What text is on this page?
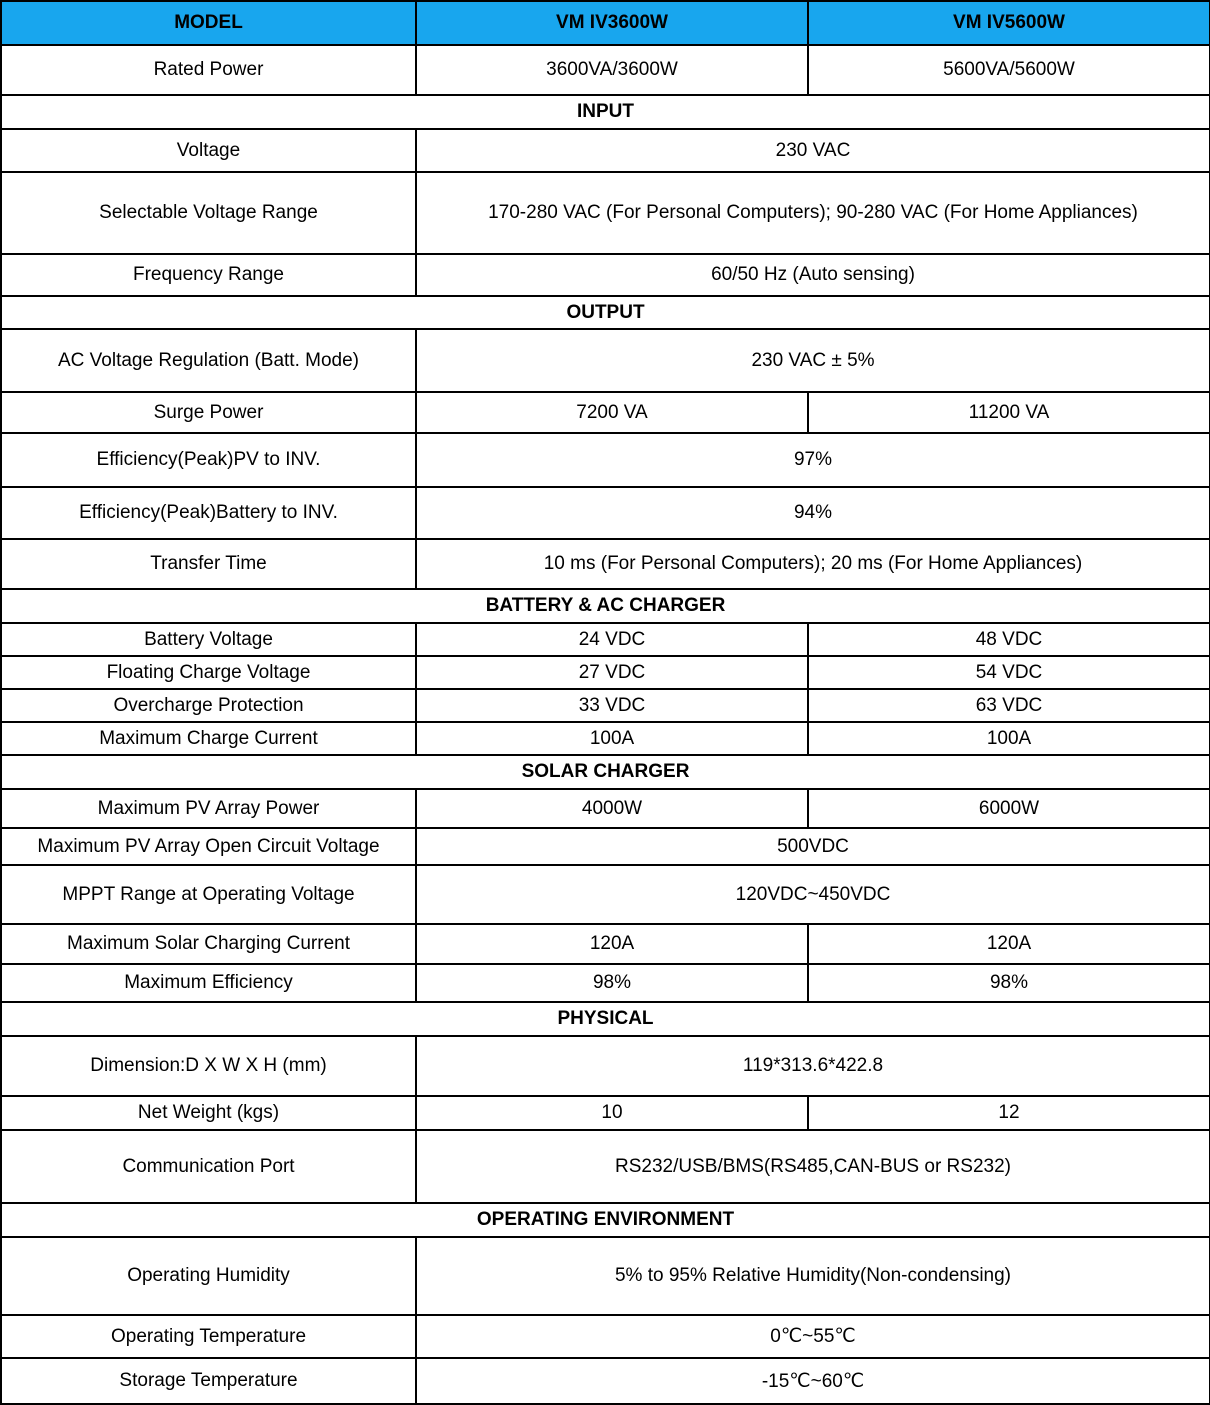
MODEL	VM IV3600W	VM IV5600W
Rated Power	3600VA/3600W	5600VA/5600W
INPUT		
Voltage	230 VAC	
Selectable Voltage Range	170-280 VAC (For Personal Computers); 90-280 VAC (For Home Appliances)	
Frequency Range	60/50 Hz (Auto sensing)	
OUTPUT		
AC Voltage Regulation (Batt. Mode)	230 VAC ± 5%	
Surge Power	7200 VA	11200 VA
Efficiency(Peak)PV to INV.	97%	
Efficiency(Peak)Battery to INV.	94%	
Transfer Time	10 ms (For Personal Computers); 20 ms (For Home Appliances)	
BATTERY & AC CHARGER		
Battery Voltage	24 VDC	48 VDC
Floating Charge Voltage	27 VDC	54 VDC
Overcharge Protection	33 VDC	63 VDC
Maximum Charge Current	100A	100A
SOLAR CHARGER		
Maximum PV Array Power	4000W	6000W
Maximum PV Array Open Circuit Voltage	500VDC	
MPPT Range at Operating Voltage	120VDC~450VDC	
Maximum Solar Charging Current	120A	120A
Maximum Efficiency	98%	98%
PHYSICAL		
Dimension:D X W X H (mm)	119*313.6*422.8	
Net Weight (kgs)	10	12
Communication Port	RS232/USB/BMS(RS485,CAN-BUS or RS232)	
OPERATING ENVIRONMENT		
Operating Humidity	5% to 95% Relative Humidity(Non-condensing)	
Operating Temperature	0℃~55℃	
Storage Temperature	-15℃~60℃	
